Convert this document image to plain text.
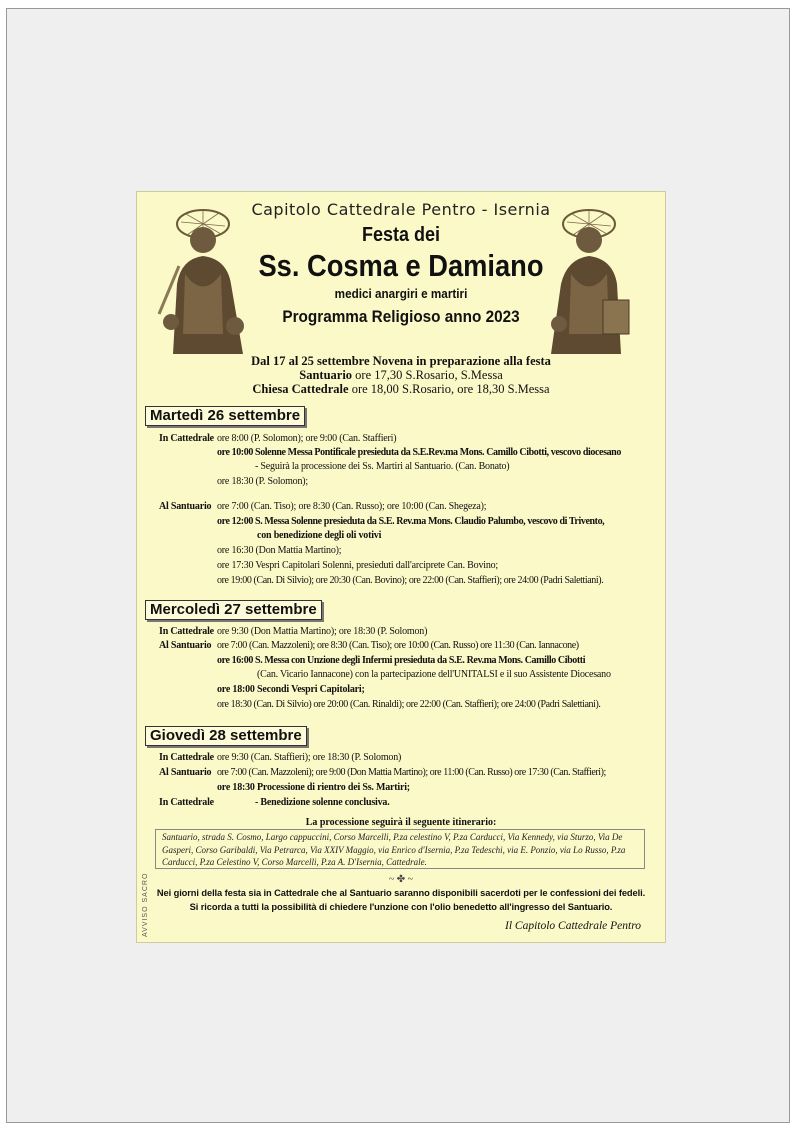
Capitolo Cattedrale Pentro - Isernia
Festa dei
Ss. Cosma e Damiano
medici anargiri e martiri
Programma Religioso anno 2023
Dal 17 al 25 settembre Novena in preparazione alla festa
Santuario ore 17,30 S.Rosario, S.Messa
Chiesa Cattedrale ore 18,00 S.Rosario, ore 18,30 S.Messa
Martedì 26 settembre
In Cattedrale ore 8:00 (P. Solomon); ore 9:00 (Can. Staffieri)
ore 10:00 Solenne Messa Pontificale presieduta da S.E.Rev.ma Mons. Camillo Cibotti, vescovo diocesano
- Seguirà la processione dei Ss. Martiri al Santuario. (Can. Bonato)
ore 18:30 (P. Solomon);
Al Santuario ore 7:00 (Can. Tiso); ore 8:30 (Can. Russo); ore 10:00 (Can. Shegeza);
ore 12:00 S. Messa Solenne presieduta da S.E. Rev.ma Mons. Claudio Palumbo, vescovo di Trivento,
con benedizione degli oli votivi
ore 16:30 (Don Mattia Martino);
ore 17:30 Vespri Capitolari Solenni, presieduti dall'arciprete Can. Bovino;
ore 19:00 (Can. Di Silvio); ore 20:30 (Can. Bovino); ore 22:00 (Can. Staffieri); ore 24:00 (Padri Salettiani).
Mercoledì 27 settembre
In Cattedrale ore 9:30 (Don Mattia Martino); ore 18:30 (P. Solomon)
Al Santuario ore 7:00 (Can. Mazzoleni); ore 8:30 (Can. Tiso); ore 10:00 (Can. Russo) ore 11:30 (Can. Iannacone)
ore 16:00 S. Messa con Unzione degli Infermi presieduta da S.E. Rev.ma Mons. Camillo Cibotti
(Can. Vicario Iannacone) con la partecipazione dell'UNITALSI e il suo Assistente Diocesano
ore 18:00 Secondi Vespri Capitolari;
ore 18:30 (Can. Di Silvio) ore 20:00 (Can. Rinaldi); ore 22:00 (Can. Staffieri); ore 24:00 (Padri Salettiani).
Giovedì 28 settembre
In Cattedrale ore 9:30 (Can. Staffieri); ore 18:30 (P. Solomon)
Al Santuario ore 7:00 (Can. Mazzoleni); ore 9:00 (Don Mattia Martino); ore 11:00 (Can. Russo) ore 17:30 (Can. Staffieri);
ore 18:30 Processione di rientro dei Ss. Martiri;
In Cattedrale	- Benedizione solenne conclusiva.
La processione seguirà il seguente itinerario:
Santuario, strada S. Cosmo, Largo cappuccini, Corso Marcelli, P.za celestino V, P.za Carducci, Via Kennedy, via Sturzo, Via De Gasperi, Corso Garibaldi, Via Petrarca, Via XXIV Maggio, via Enrico d'Isernia, P.za Tedeschi, via E. Ponzio, via Lo Russo, P.za Carducci, P.za Celestino V, Corso Marcelli, P.za A. D'Isernia, Cattedrale.
~ ✤ ~
Nei giorni della festa sia in Cattedrale che al Santuario saranno disponibili sacerdoti per le confessioni dei fedeli.
Si ricorda a tutti la possibilità di chiedere l'unzione con l'olio benedetto all'ingresso del Santuario.
Il Capitolo Cattedrale Pentro
AVVISO SACRO
